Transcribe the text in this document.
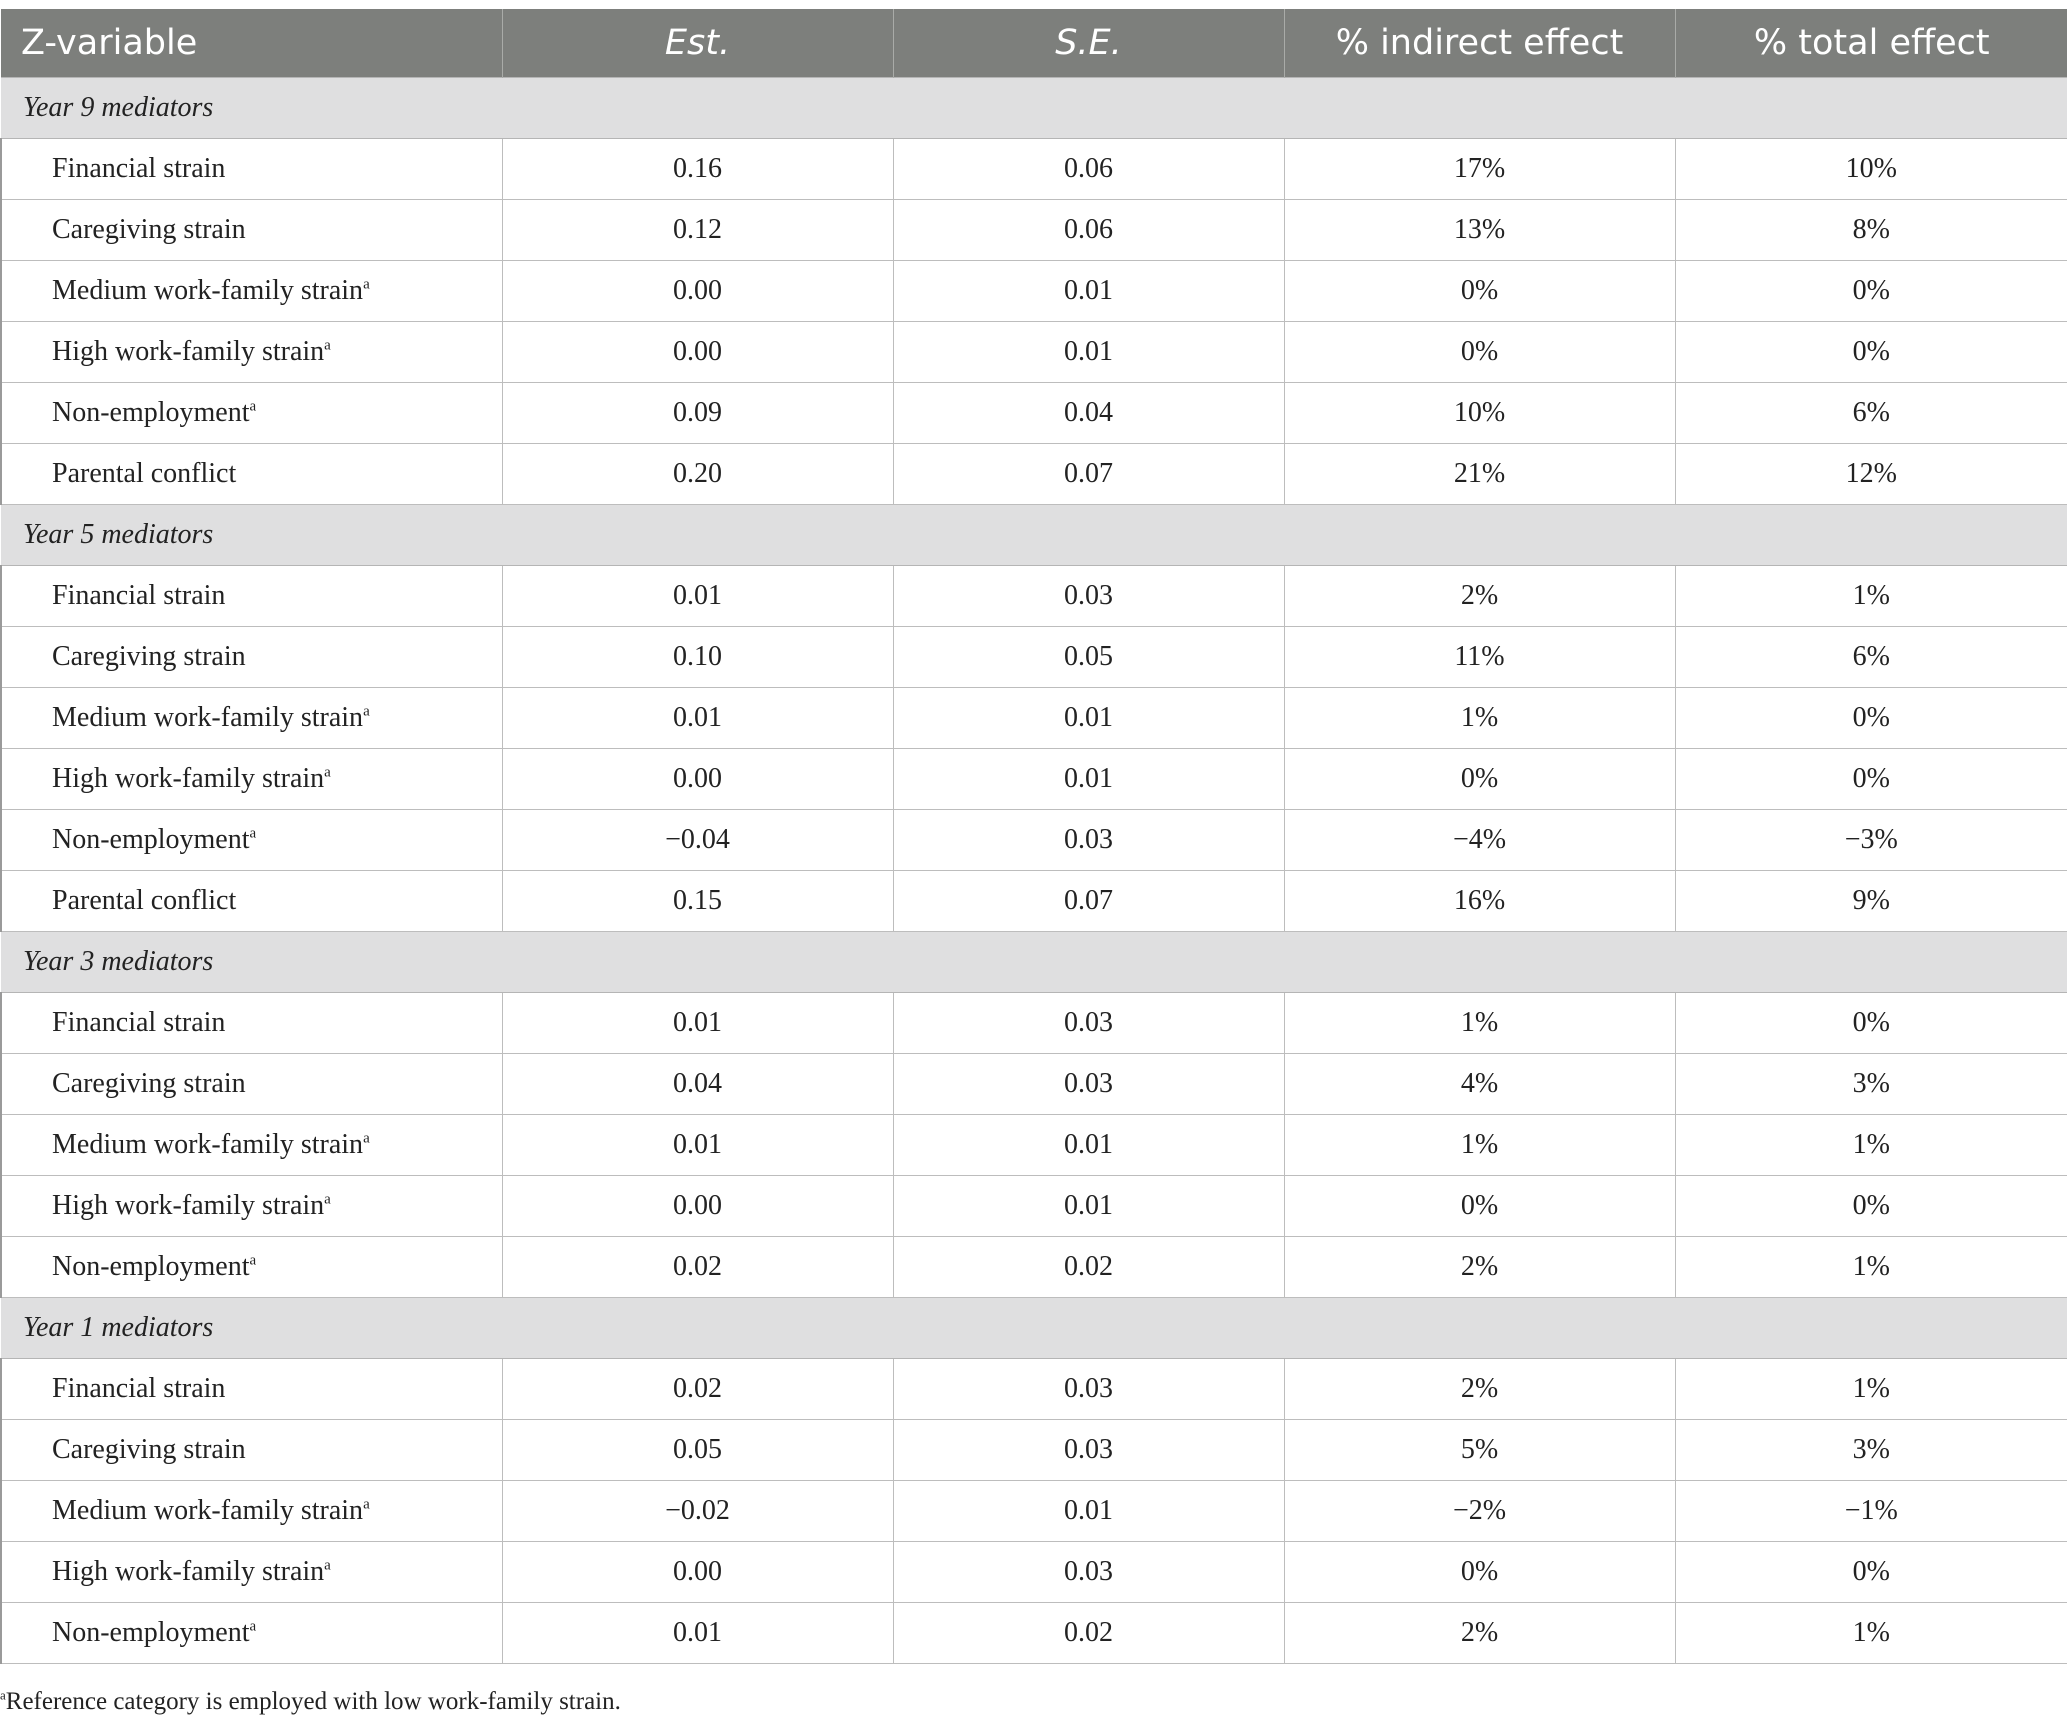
Z-variable	Est.	S.E.	% indirect effect	% total effect
Year 9 mediators				
Financial strain	0.16	0.06	17%	10%
Caregiving strain	0.12	0.06	13%	8%
Medium work-family strain$^a$	0.00	0.01	0%	0%
High work-family strain$^a$	0.00	0.01	0%	0%
Non-employment$^a$	0.09	0.04	10%	6%
Parental conflict	0.20	0.07	21%	12%
Year 5 mediators				
Financial strain	0.01	0.03	2%	1%
Caregiving strain	0.10	0.05	11%	6%
Medium work-family strain$^a$	0.01	0.01	1%	0%
High work-family strain$^a$	0.00	0.01	0%	0%
Non-employment$^a$	−0.04	0.03	−4%	−3%
Parental conflict	0.15	0.07	16%	9%
Year 3 mediators				
Financial strain	0.01	0.03	1%	0%
Caregiving strain	0.04	0.03	4%	3%
Medium work-family strain$^a$	0.01	0.01	1%	1%
High work-family strain$^a$	0.00	0.01	0%	0%
Non-employment$^a$	0.02	0.02	2%	1%
Year 1 mediators				
Financial strain	0.02	0.03	2%	1%
Caregiving strain	0.05	0.03	5%	3%
Medium work-family strain$^a$	−0.02	0.01	−2%	−1%
High work-family strain$^a$	0.00	0.03	0%	0%
Non-employment$^a$	0.01	0.02	2%	1%
$^a$Reference category is employed with low work-family strain.
